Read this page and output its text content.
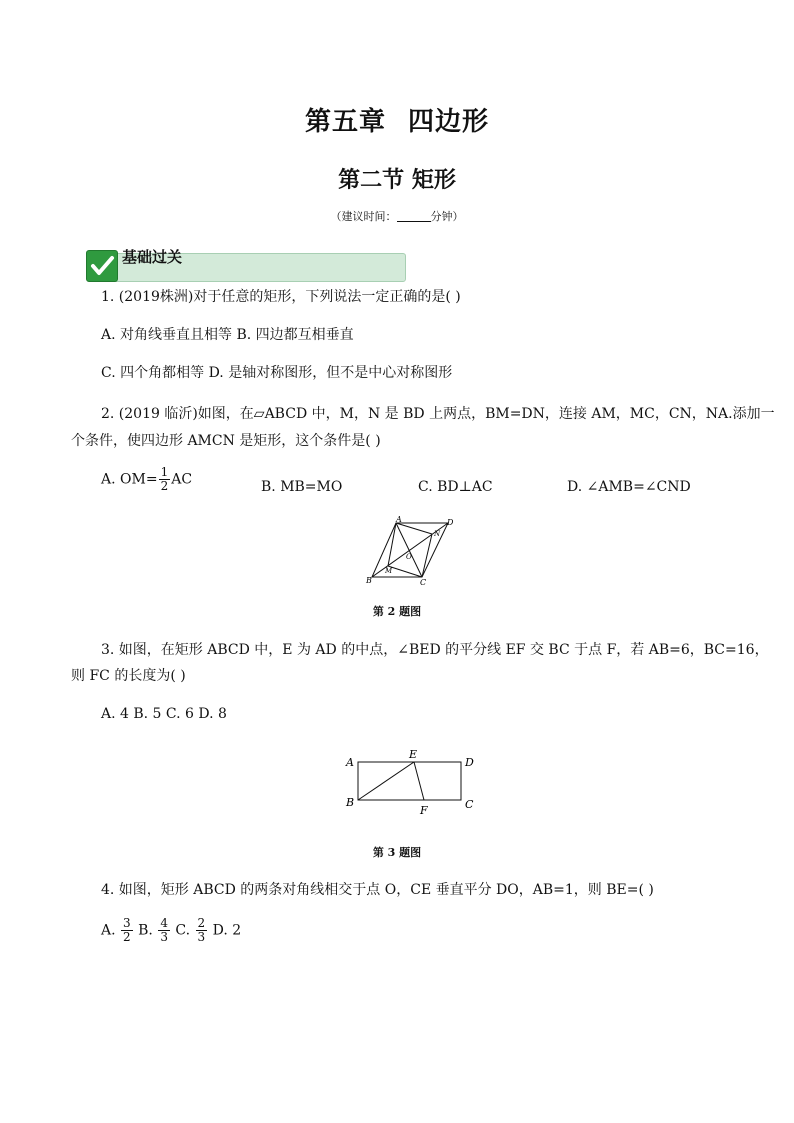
第五章 四边形
第二节 矩形
（建议时间：	分钟）
基础过关
1. (2019株洲)对于任意的矩形，下列说法一定正确的是( )
A. 对角线垂直且相等 B. 四边都互相垂直
C. 四个角都相等 D. 是轴对称图形，但不是中心对称图形
2. (2019 临沂)如图，在▱ABCD 中，M，N 是 BD 上两点，BM=DN，连接 AM，MC，CN，NA.添加一
个条件，使四边形 AMCN 是矩形，这个条件是( )
A. $OM= \frac{1}{2}$ AC	B. MB=MO	C. BD⊥AC	D. ∠AMB=∠CND
A	D
B	C
M
N
O
第 2 题图
3. 如图，在矩形 ABCD 中，E 为 AD 的中点，∠BED 的平分线 EF 交 BC 于点 F，若 AB=6，BC=16，
则 FC 的长度为( )
A. 4 B. 5 C. 6 D. 8
A
B	C
D
E
F
第 3 题图
4. 如图，矩形 ABCD 的两条对角线相交于点 O，CE 垂直平分 DO，AB=1，则 BE=( )
A. $\frac{3}{2} B$. $\frac{4}{3} C$. $\frac{2}{3} D$. 2
